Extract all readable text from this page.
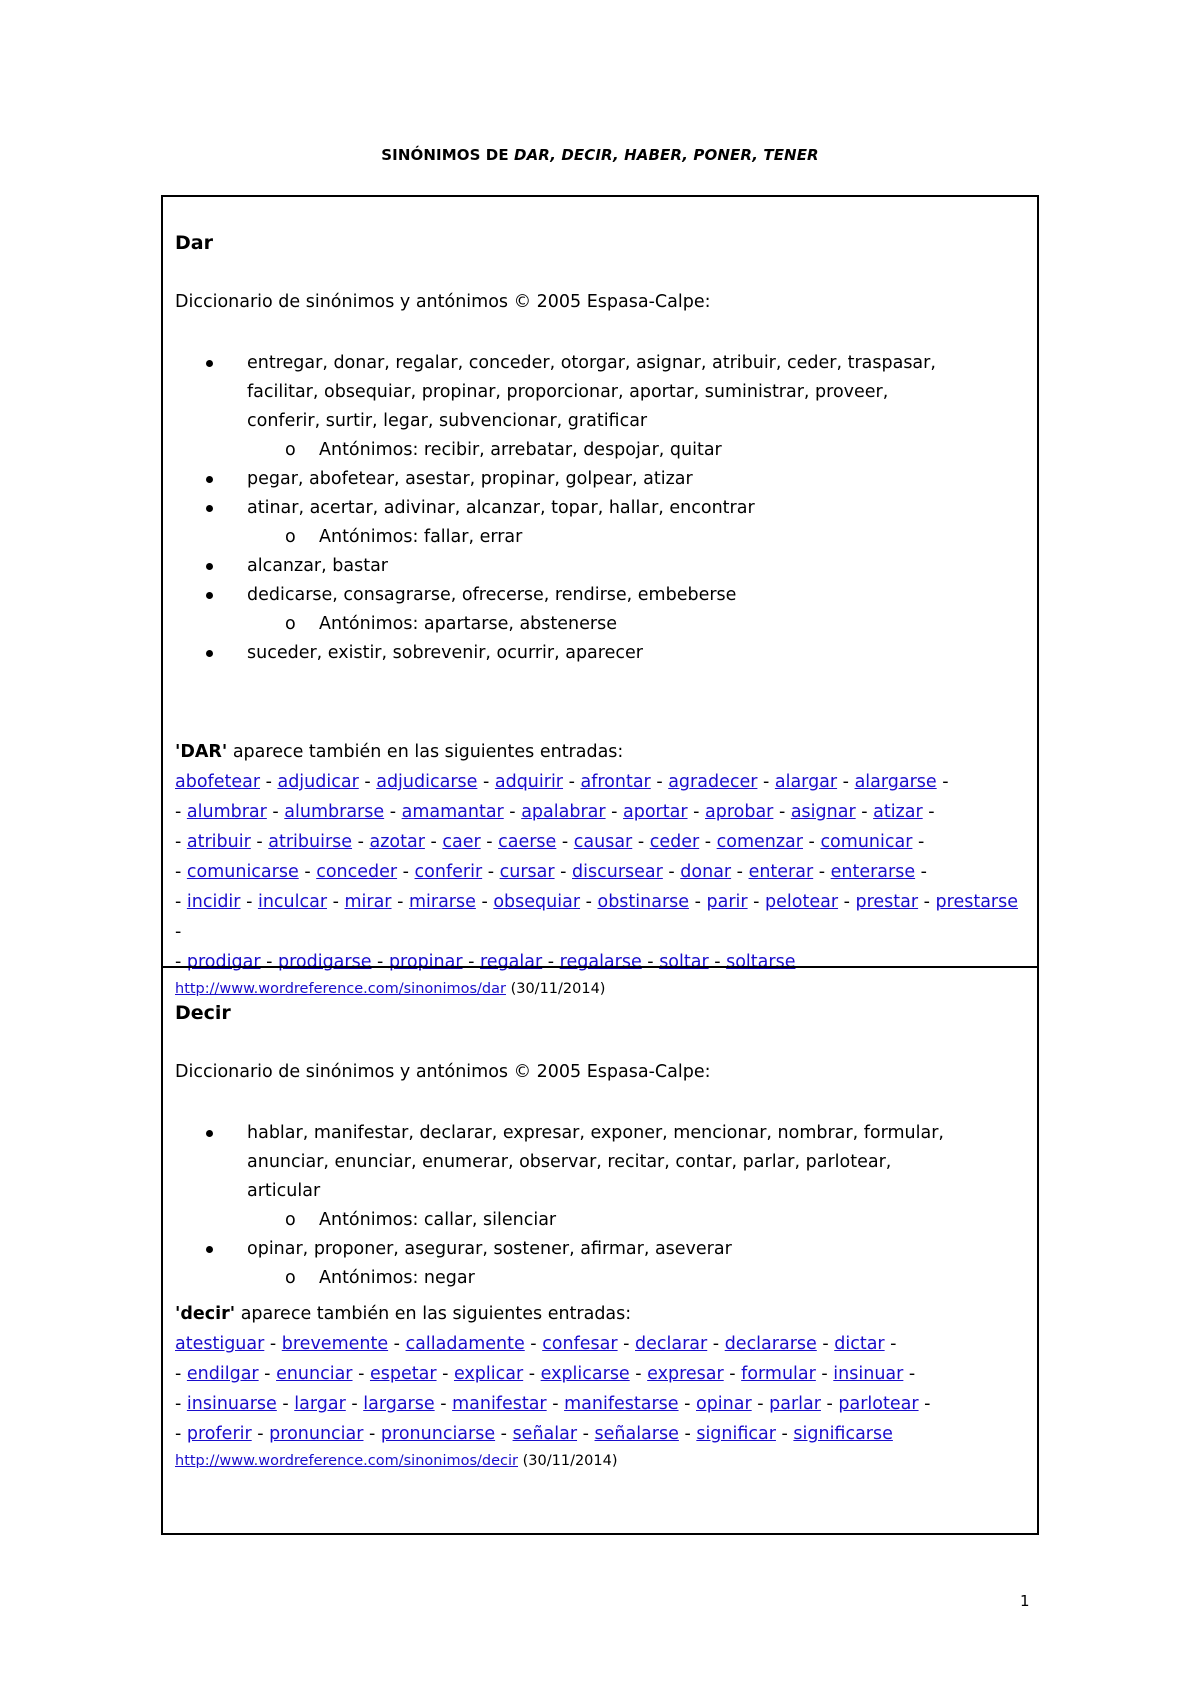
SINÓNIMOS DE DAR, DECIR, HABER, PONER, TENER
Dar
Diccionario de sinónimos y antónimos © 2005 Espasa-Calpe:
entregar, donar, regalar, conceder, otorgar, asignar, atribuir, ceder, traspasar,
facilitar, obsequiar, propinar, proporcionar, aportar, suministrar, proveer,
conferir, surtir, legar, subvencionar, gratificar
o Antónimos: recibir, arrebatar, despojar, quitar
pegar, abofetear, asestar, propinar, golpear, atizar
atinar, acertar, adivinar, alcanzar, topar, hallar, encontrar
o Antónimos: fallar, errar
alcanzar, bastar
dedicarse, consagrarse, ofrecerse, rendirse, embeberse
o Antónimos: apartarse, abstenerse
suceder, existir, sobrevenir, ocurrir, aparecer
'DAR' aparece también en las siguientes entradas:
abofetear - adjudicar - adjudicarse - adquirir - afrontar - agradecer - alargar - alargarse -
- alumbrar - alumbrarse - amamantar - apalabrar - aportar - aprobar - asignar - atizar -
- atribuir - atribuirse - azotar - caer - caerse - causar - ceder - comenzar - comunicar -
- comunicarse - conceder - conferir - cursar - discursear - donar - enterar - enterarse -
- incidir - inculcar - mirar - mirarse - obsequiar - obstinarse - parir - pelotear - prestar - prestarse -
- prodigar - prodigarse - propinar - regalar - regalarse - soltar - soltarse
http://www.wordreference.com/sinonimos/dar (30/11/2014)
Decir
Diccionario de sinónimos y antónimos © 2005 Espasa-Calpe:
hablar, manifestar, declarar, expresar, exponer, mencionar, nombrar, formular,
anunciar, enunciar, enumerar, observar, recitar, contar, parlar, parlotear,
articular
o Antónimos: callar, silenciar
opinar, proponer, asegurar, sostener, afirmar, aseverar
o Antónimos: negar
'decir' aparece también en las siguientes entradas:
atestiguar - brevemente - calladamente - confesar - declarar - declararse - dictar -
- endilgar - enunciar - espetar - explicar - explicarse - expresar - formular - insinuar -
- insinuarse - largar - largarse - manifestar - manifestarse - opinar - parlar - parlotear -
- proferir - pronunciar - pronunciarse - señalar - señalarse - significar - significarse
http://www.wordreference.com/sinonimos/decir (30/11/2014)
1
